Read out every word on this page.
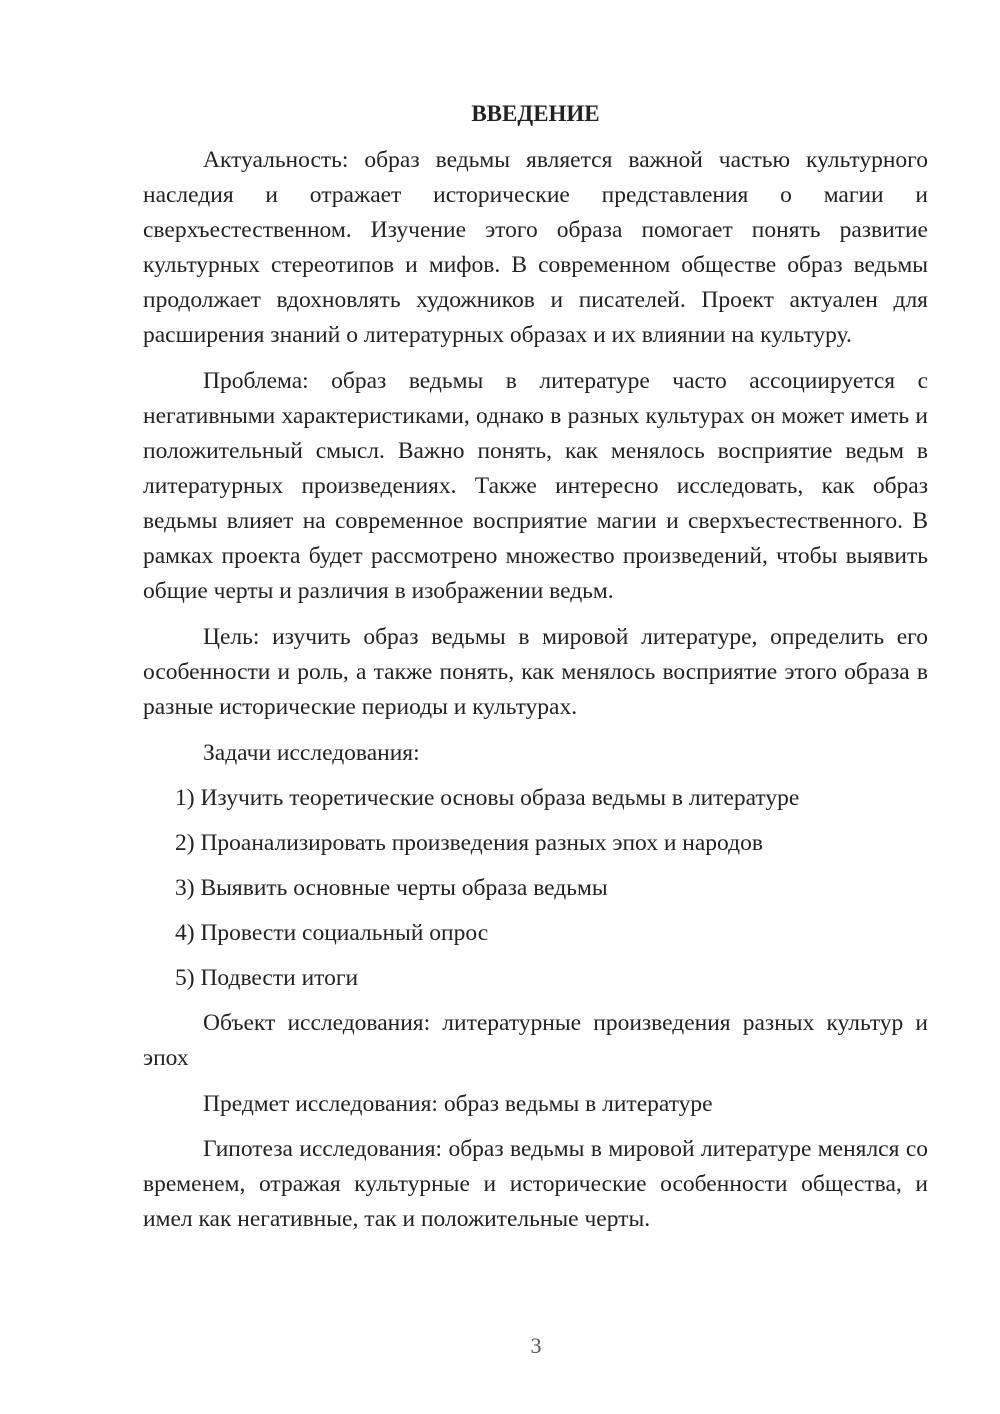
ВВЕДЕНИЕ

Актуальность: образ ведьмы является важной частью культурного наследия и отражает исторические представления о магии и сверхъестественном. Изучение этого образа помогает понять развитие культурных стереотипов и мифов. В современном обществе образ ведьмы продолжает вдохновлять художников и писателей. Проект актуален для расширения знаний о литературных образах и их влиянии на культуру.

Проблема: образ ведьмы в литературе часто ассоциируется с негативными характеристиками, однако в разных культурах он может иметь и положительный смысл. Важно понять, как менялось восприятие ведьм в литературных произведениях. Также интересно исследовать, как образ ведьмы влияет на современное восприятие магии и сверхъестественного. В рамках проекта будет рассмотрено множество произведений, чтобы выявить общие черты и различия в изображении ведьм.

Цель: изучить образ ведьмы в мировой литературе, определить его особенности и роль, а также понять, как менялось восприятие этого образа в разные исторические периоды и культурах.

Задачи исследования:

1) Изучить теоретические основы образа ведьмы в литературе
2) Проанализировать произведения разных эпох и народов
3) Выявить основные черты образа ведьмы
4) Провести социальный опрос
5) Подвести итоги

Объект исследования: литературные произведения разных культур и эпох

Предмет исследования: образ ведьмы в литературе

Гипотеза исследования: образ ведьмы в мировой литературе менялся со временем, отражая культурные и исторические особенности общества, и имел как негативные, так и положительные черты.

3
